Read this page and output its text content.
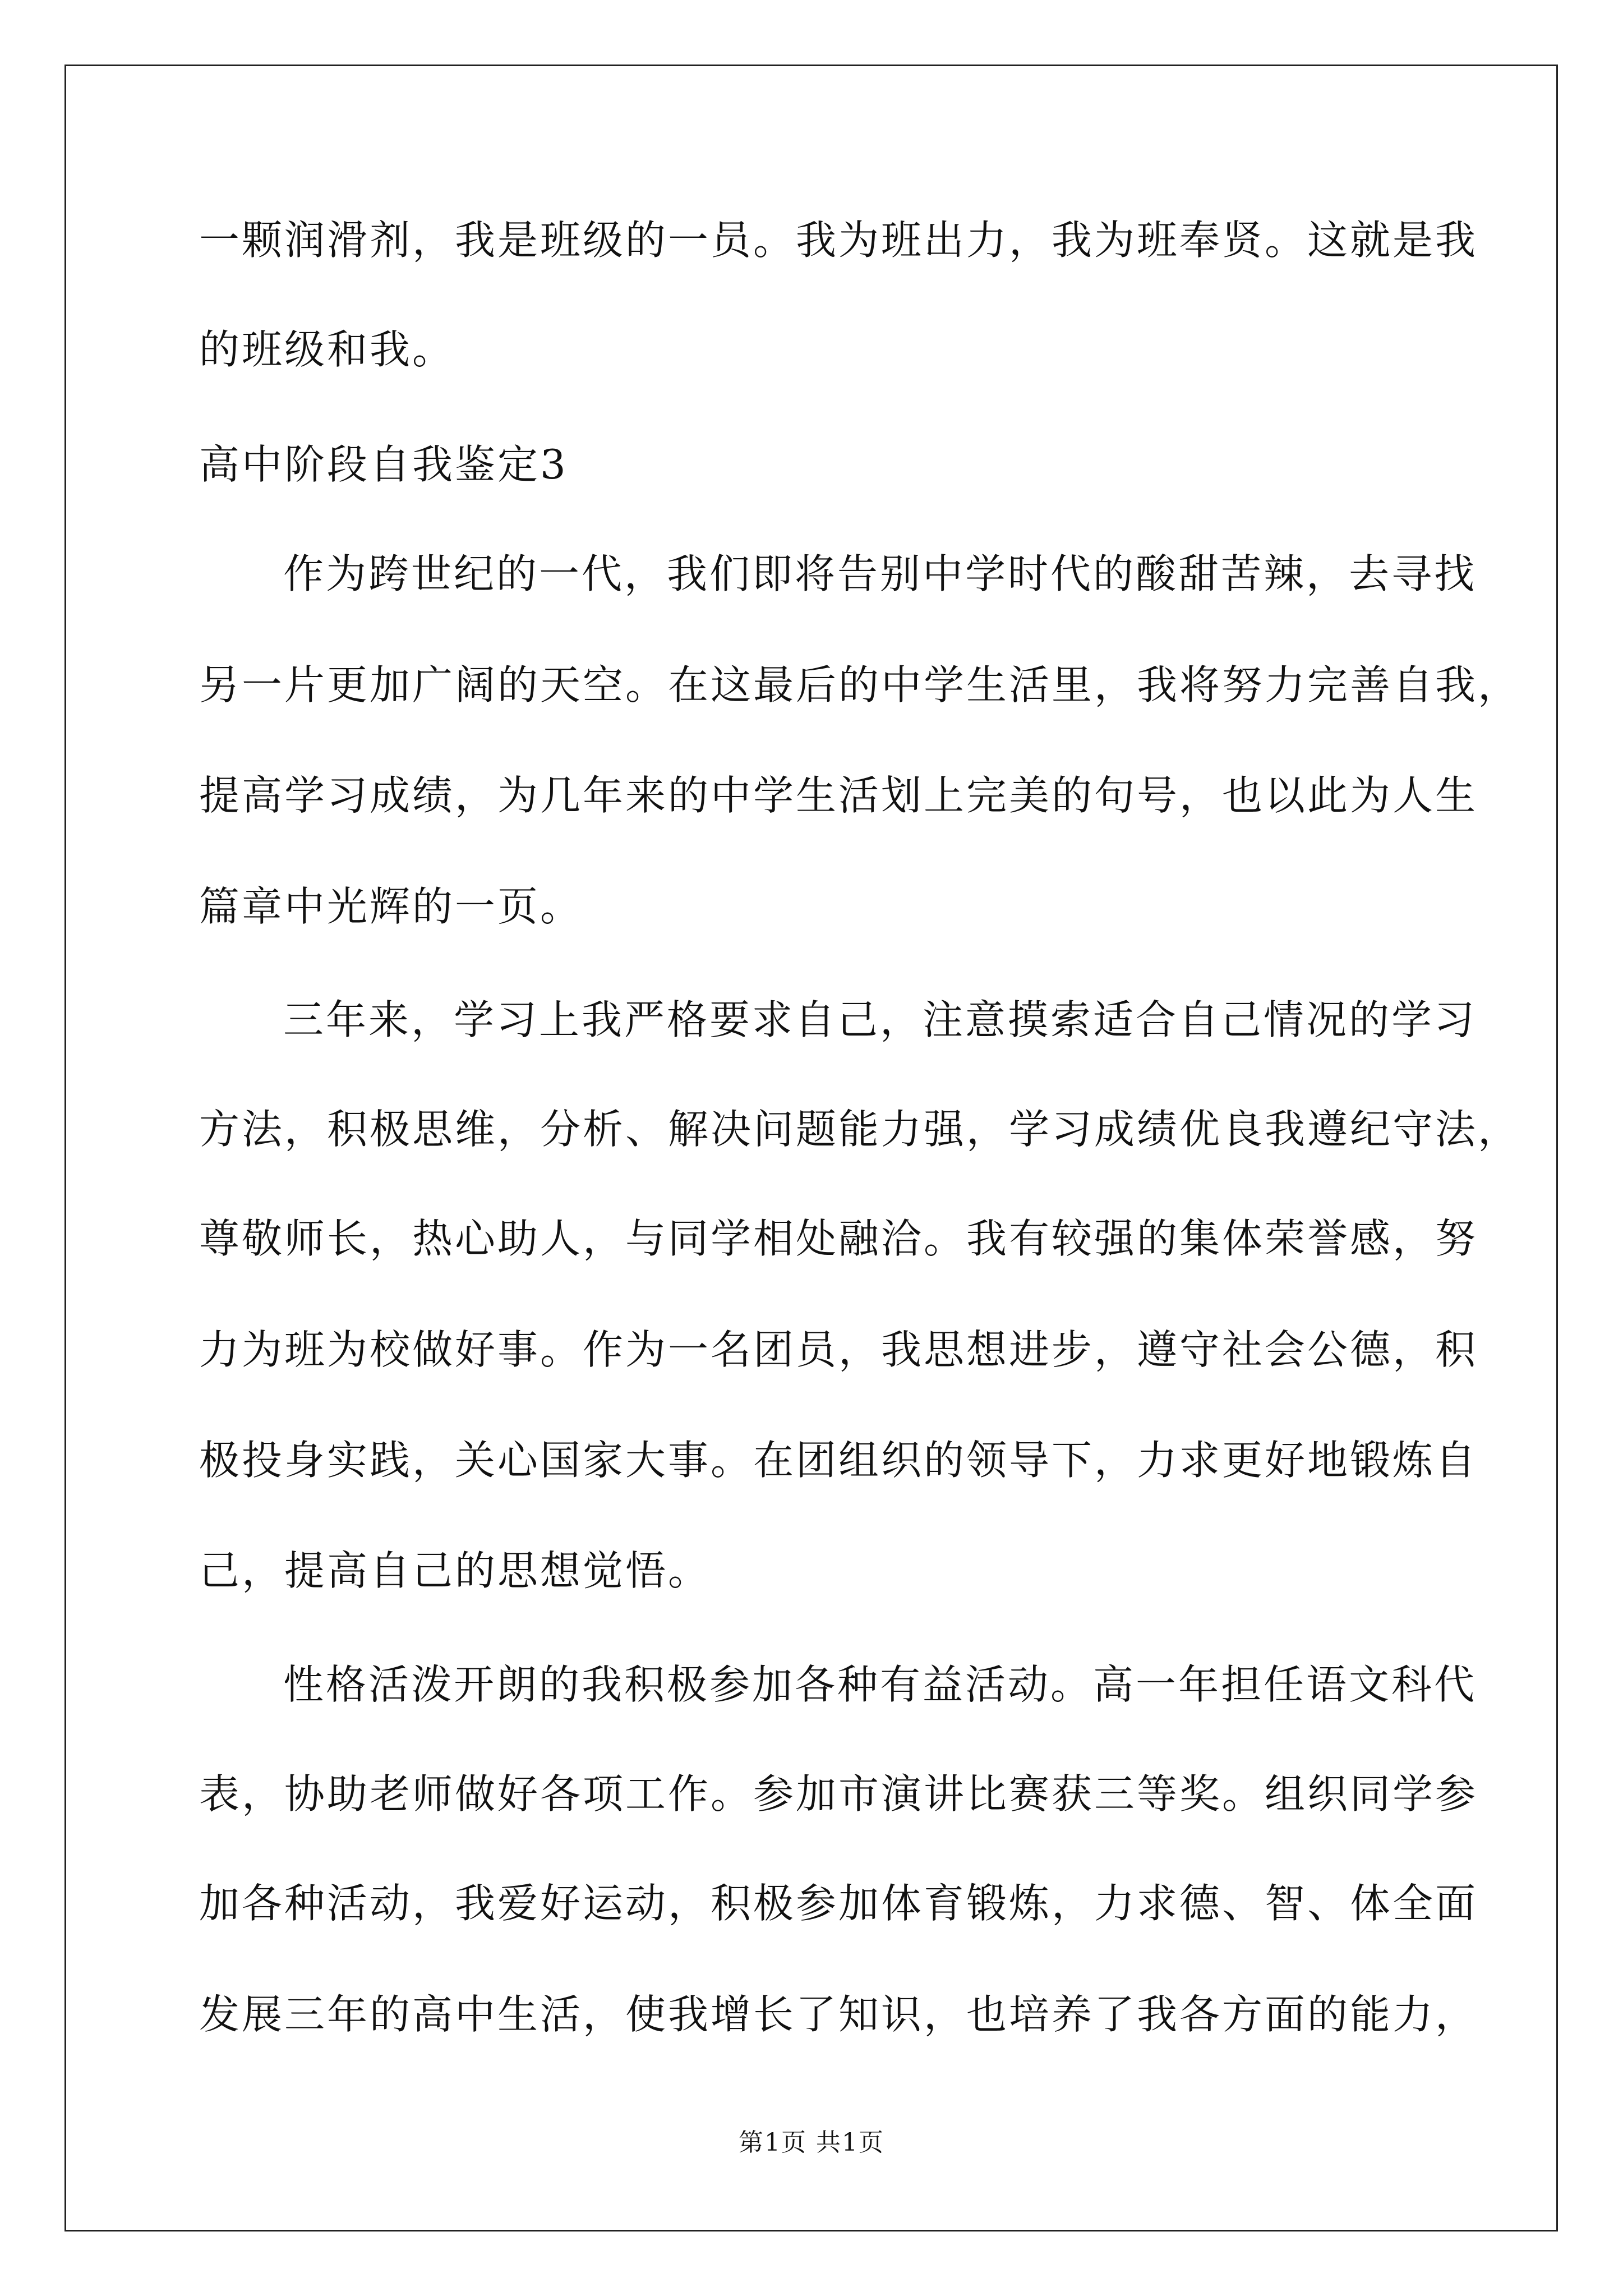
一颗润滑剂，我是班级的一员。我为班出力，我为班奉贤。这就是我
的班级和我。
高中阶段自我鉴定3
作为跨世纪的一代，我们即将告别中学时代的酸甜苦辣，去寻找
另一片更加广阔的天空。在这最后的中学生活里，我将努力完善自我，
提高学习成绩，为几年来的中学生活划上完美的句号，也以此为人生
篇章中光辉的一页。
三年来，学习上我严格要求自己，注意摸索适合自己情况的学习
方法，积极思维，分析、解决问题能力强，学习成绩优良我遵纪守法，
尊敬师长，热心助人，与同学相处融洽。我有较强的集体荣誉感，努
力为班为校做好事。作为一名团员，我思想进步，遵守社会公德，积
极投身实践，关心国家大事。在团组织的领导下，力求更好地锻炼自
己，提高自己的思想觉悟。
性格活泼开朗的我积极参加各种有益活动。高一年担任语文科代
表，协助老师做好各项工作。参加市演讲比赛获三等奖。组织同学参
加各种活动，我爱好运动，积极参加体育锻炼，力求德、智、体全面
发展三年的高中生活，使我增长了知识，也培养了我各方面的能力，
第1页 共1页
